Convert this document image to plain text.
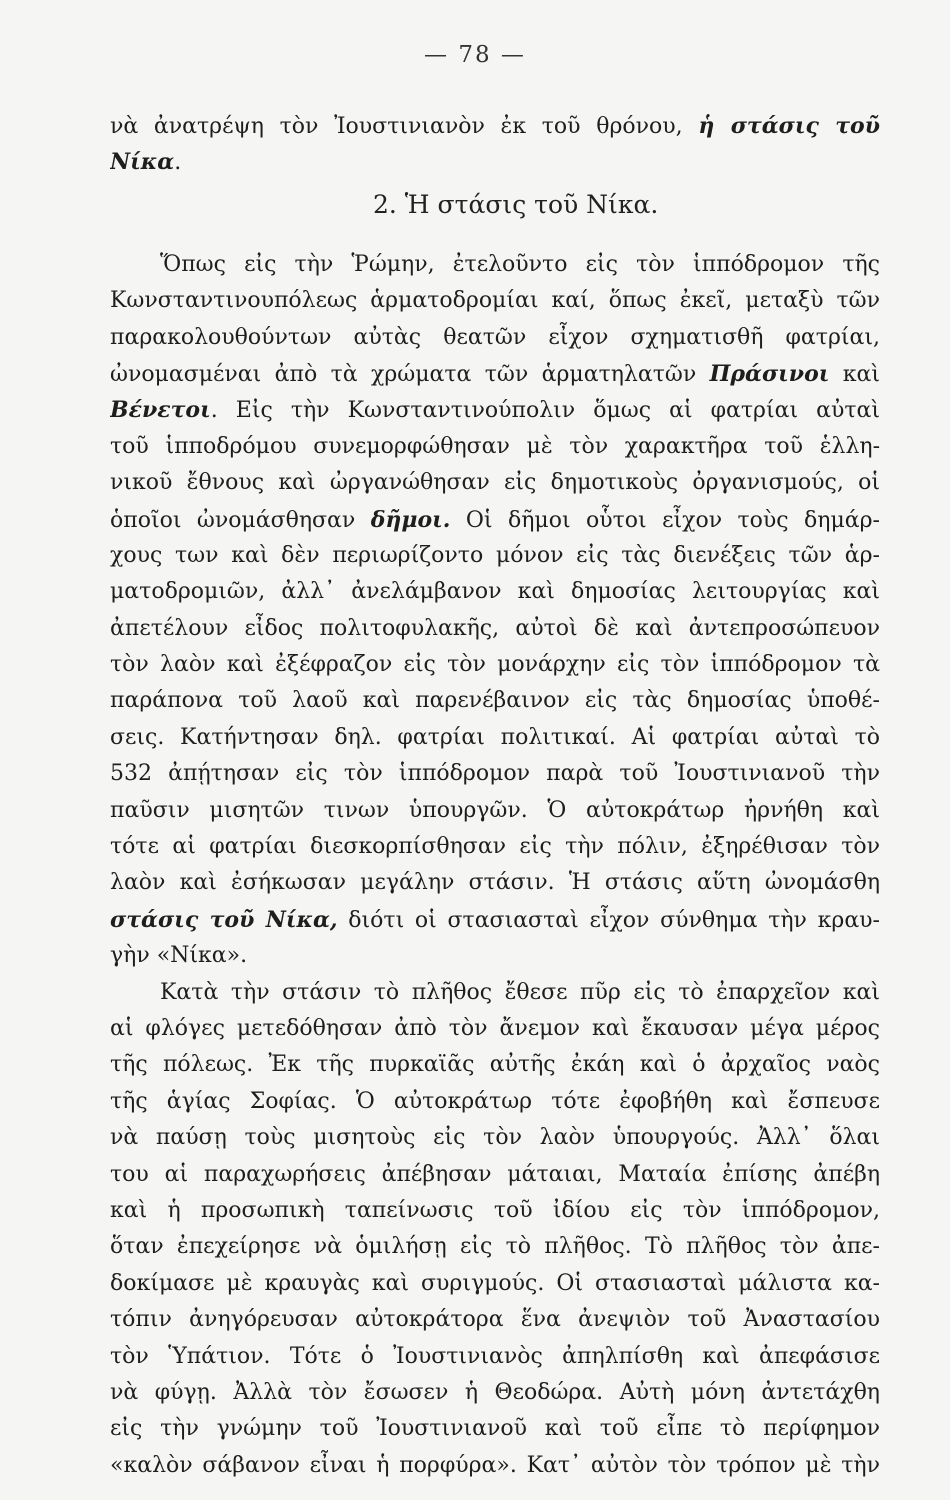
— 78 —
νὰ ἀνατρέψη τὸν Ἰουστινιανὸν ἐκ τοῦ θρόνου, ἡ στάσις τοῦ
Νίκα.
2. Ἡ στάσις τοῦ Νίκα.
Ὅπως εἰς τὴν Ῥώμην, ἐτελοῦντο εἰς τὸν ἱππόδρομον τῆς
Κωνσταντινουπόλεως ἁρματοδρομίαι καί, ὅπως ἐκεῖ, μεταξὺ τῶν
παρακολουθούντων αὐτὰς θεατῶν εἶχον σχηματισθῆ φατρίαι,
ὠνομασμέναι ἀπὸ τὰ χρώματα τῶν ἁρματηλατῶν Πράσινοι καὶ
Βένετοι. Εἰς τὴν Κωνσταντινούπολιν ὅμως αἱ φατρίαι αὐταὶ
τοῦ ἱπποδρόμου συνεμορφώθησαν μὲ τὸν χαρακτῆρα τοῦ ἑλλη-
νικοῦ ἔθνους καὶ ὠργανώθησαν εἰς δημοτικοὺς ὀργανισμούς, οἱ
ὁποῖοι ὠνομάσθησαν δῆμοι. Οἱ δῆμοι οὗτοι εἶχον τοὺς δημάρ-
χους των καὶ δὲν περιωρίζοντο μόνον εἰς τὰς διενέξεις τῶν ἁρ-
ματοδρομιῶν, ἀλλ᾽ ἀνελάμβανον καὶ δημοσίας λειτουργίας καὶ
ἀπετέλουν εἶδος πολιτοφυλακῆς, αὐτοὶ δὲ καὶ ἀντεπροσώπευον
τὸν λαὸν καὶ ἐξέφραζον εἰς τὸν μονάρχην εἰς τὸν ἱππόδρομον τὰ
παράπονα τοῦ λαοῦ καὶ παρενέβαινον εἰς τὰς δημοσίας ὑποθέ-
σεις. Κατήντησαν δηλ. φατρίαι πολιτικαί. Αἱ φατρίαι αὐταὶ τὸ
532 ἀπῄτησαν εἰς τὸν ἱππόδρομον παρὰ τοῦ Ἰουστινιανοῦ τὴν
παῦσιν μισητῶν τινων ὑπουργῶν. Ὁ αὐτοκράτωρ ἠρνήθη καὶ
τότε αἱ φατρίαι διεσκορπίσθησαν εἰς τὴν πόλιν, ἐξηρέθισαν τὸν
λαὸν καὶ ἐσήκωσαν μεγάλην στάσιν. Ἡ στάσις αὕτη ὠνομάσθη
στάσις τοῦ Νίκα, διότι οἱ στασιασταὶ εἶχον σύνθημα τὴν κραυ-
γὴν «Νίκα».
Κατὰ τὴν στάσιν τὸ πλῆθος ἔθεσε πῦρ εἰς τὸ ἐπαρχεῖον καὶ
αἱ φλόγες μετεδόθησαν ἀπὸ τὸν ἄνεμον καὶ ἔκαυσαν μέγα μέρος
τῆς πόλεως. Ἐκ τῆς πυρκαϊᾶς αὐτῆς ἐκάη καὶ ὁ ἀρχαῖος ναὸς
τῆς ἁγίας Σοφίας. Ὁ αὐτοκράτωρ τότε ἐφοβήθη καὶ ἔσπευσε
νὰ παύσῃ τοὺς μισητοὺς εἰς τὸν λαὸν ὑπουργούς. Ἀλλ᾽ ὅλαι
του αἱ παραχωρήσεις ἀπέβησαν μάταιαι, Ματαία ἐπίσης ἀπέβη
καὶ ἡ προσωπικὴ ταπείνωσις τοῦ ἰδίου εἰς τὸν ἱππόδρομον,
ὅταν ἐπεχείρησε νὰ ὁμιλήσῃ εἰς τὸ πλῆθος. Τὸ πλῆθος τὸν ἀπε-
δοκίμασε μὲ κραυγὰς καὶ συριγμούς. Οἱ στασιασταὶ μάλιστα κα-
τόπιν ἀνηγόρευσαν αὐτοκράτορα ἕνα ἀνεψιὸν τοῦ Ἀναστασίου
τὸν Ὑπάτιον. Τότε ὁ Ἰουστινιανὸς ἀπηλπίσθη καὶ ἀπεφάσισε
νὰ φύγῃ. Ἀλλὰ τὸν ἔσωσεν ἡ Θεοδώρα. Αὐτὴ μόνη ἀντετάχθη
εἰς τὴν γνώμην τοῦ Ἰουστινιανοῦ καὶ τοῦ εἶπε τὸ περίφημον
«καλὸν σάβανον εἶναι ἡ πορφύρα». Κατ᾽ αὐτὸν τὸν τρόπον μὲ τὴν
